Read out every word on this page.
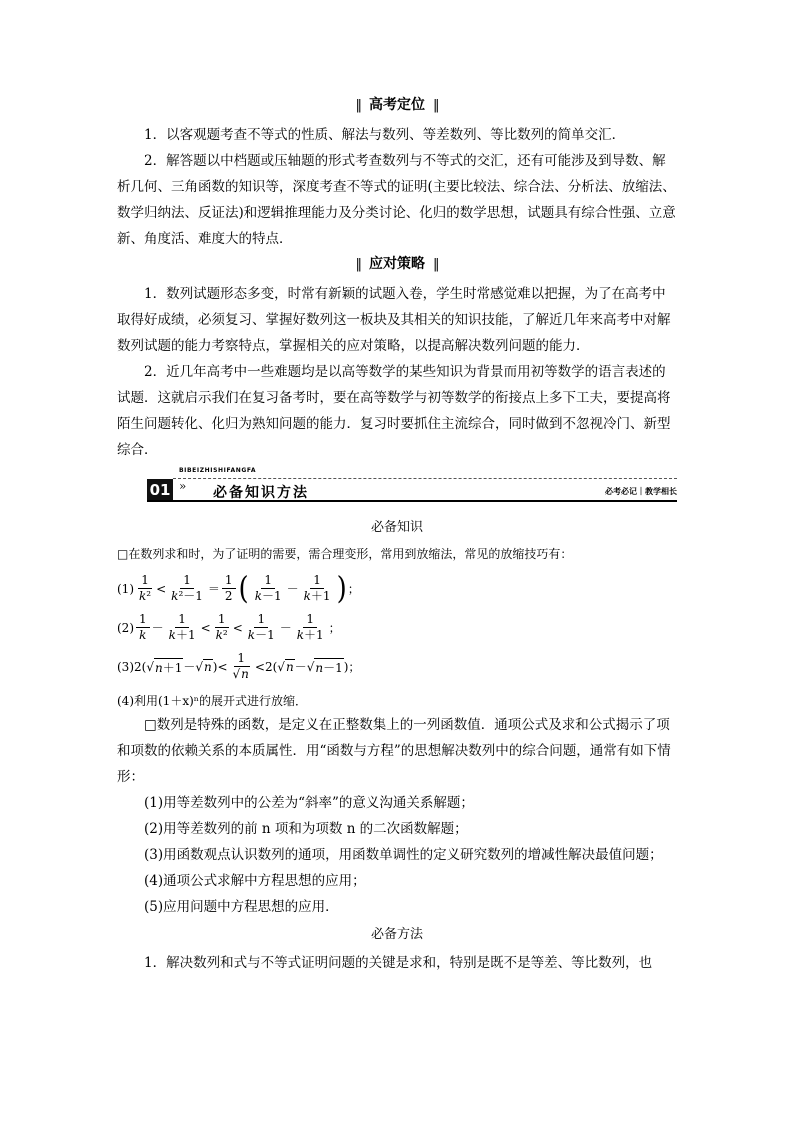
‖ 高考定位 ‖

1．以客观题考查不等式的性质、解法与数列、等差数列、等比数列的简单交汇．

2．解答题以中档题或压轴题的形式考查数列与不等式的交汇，还有可能涉及到导数、解析几何、三角函数的知识等，深度考查不等式的证明(主要比较法、综合法、分析法、放缩法、数学归纳法、反证法)和逻辑推理能力及分类讨论、化归的数学思想，试题具有综合性强、立意新、角度活、难度大的特点．

‖ 应对策略 ‖

1．数列试题形态多变，时常有新颖的试题入卷，学生时常感觉难以把握，为了在高考中取得好成绩，必须复习、掌握好数列这一板块及其相关的知识技能，了解近几年来高考中对解数列试题的能力考察特点，掌握相关的应对策略，以提高解决数列问题的能力．

2．近几年高考中一些难题均是以高等数学的某些知识为背景而用初等数学的语言表述的试题．这就启示我们在复习备考时，要在高等数学与初等数学的衔接点上多下工夫，要提高将陌生问题转化、化归为熟知问题的能力．复习时要抓住主流综合，同时做到不忽视冷门、新型综合．

01
BIBEIZHISHIFANGFA
» 必备知识方法	必考必记｜教学相长
必备知识

□在数列求和时，为了证明的需要，需合理变形，常用到放缩法，常见的放缩技巧有：

$(1) \frac{1}{\text{k²}} < \frac{1}{\text{k²－1}} = \frac{1}{2}$ ( $\frac{1}{k-1} - \frac{1}{k+1}$ ) ；
$(2) \frac{1}{k} - \frac{1}{k+1} < \frac{1}{\text{k²}} < \frac{1}{k-1} - \frac{1}{k+1}$ ；
(3)2( √ n＋1 － √ n )< $\frac{1}{√n} <2$( √ n － √ n－1 )；

(4)利用(1＋x)ⁿ的展开式进行放缩．

□数列是特殊的函数，是定义在正整数集上的一列函数值．通项公式及求和公式揭示了项和项数的依赖关系的本质属性．用“函数与方程”的思想解决数列中的综合问题，通常有如下情形：

(1)用等差数列中的公差为“斜率”的意义沟通关系解题；

(2)用等差数列的前 n 项和为项数 n 的二次函数解题；

(3)用函数观点认识数列的通项，用函数单调性的定义研究数列的增减性解决最值问题；

(4)通项公式求解中方程思想的应用；

(5)应用问题中方程思想的应用．

必备方法

1．解决数列和式与不等式证明问题的关键是求和，特别是既不是等差、等比数列，也
